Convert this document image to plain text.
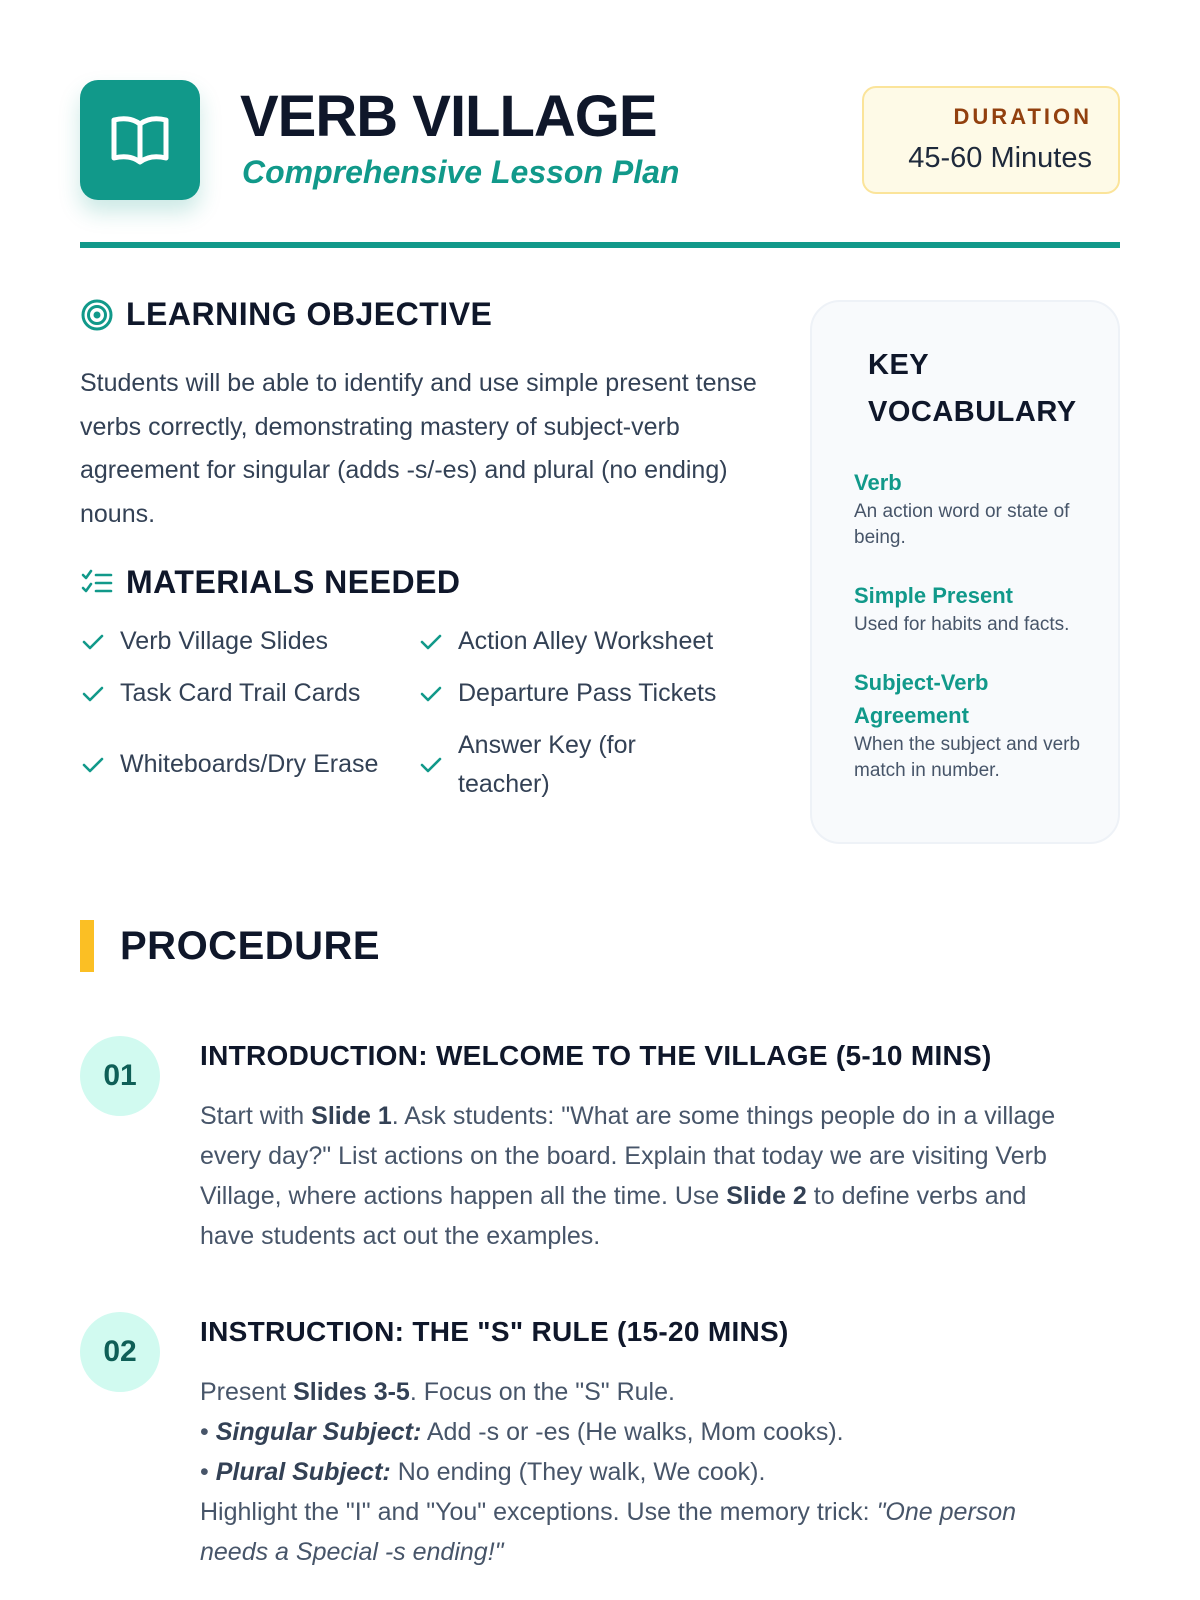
VERB VILLAGE
Comprehensive Lesson Plan
DURATION
45-60 Minutes
LEARNING OBJECTIVE

Students will be able to identify and use simple present tense verbs correctly, demonstrating mastery of subject-verb agreement for singular (adds -s/-es) and plural (no ending) nouns.

MATERIALS NEEDED
Verb Village Slides	Action Alley Worksheet
Task Card Trail Cards	Departure Pass Tickets
Whiteboards/Dry Erase
Answer Key (for teacher)
KEY VOCABULARY
Verb
An action word or state of being.
Simple Present
Used for habits and facts.
Subject-Verb Agreement
When the subject and verb match in number.
PROCEDURE
01
INTRODUCTION: WELCOME TO THE VILLAGE (5-10 MINS)

Start with Slide 1. Ask students: "What are some things people do in a village every day?" List actions on the board. Explain that today we are visiting Verb Village, where actions happen all the time. Use Slide 2 to define verbs and have students act out the examples.

02
INSTRUCTION: THE "S" RULE (15-20 MINS)
Present Slides 3-5. Focus on the "S" Rule.
• Singular Subject: Add -s or -es (He walks, Mom cooks).
• Plural Subject: No ending (They walk, We cook).
Highlight the "I" and "You" exceptions. Use the memory trick: "One person needs a Special -s ending!"
